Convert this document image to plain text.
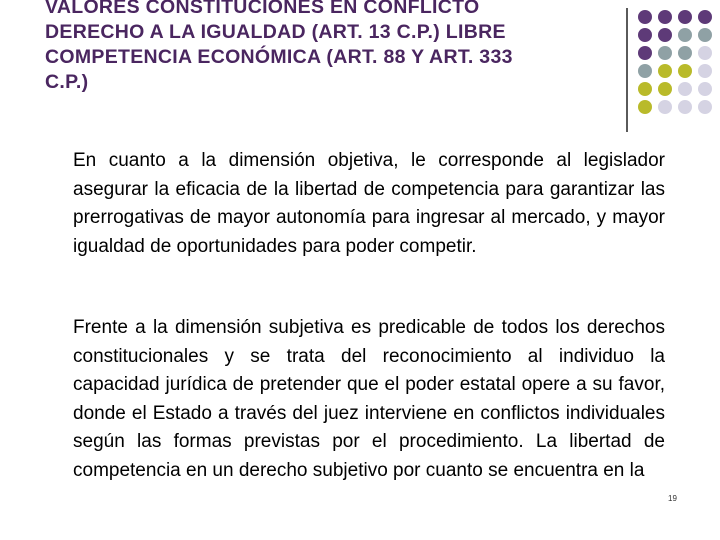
VALORES CONSTITUCIONES EN CONFLICTO
DERECHO A LA IGUALDAD (ART. 13 C.P.) LIBRE
COMPETENCIA ECONÓMICA (ART. 88 Y ART. 333
C.P.)
En cuanto a la dimensión objetiva, le corresponde al legislador asegurar la eficacia de la libertad de competencia para garantizar las prerrogativas de mayor autonomía para ingresar al mercado, y mayor igualdad de oportunidades para poder competir.
Frente a la dimensión subjetiva es predicable de todos los derechos constitucionales y se trata del reconocimiento al individuo la capacidad jurídica de pretender que el poder estatal opere a su favor, donde el Estado a través del juez interviene en conflictos individuales según las formas previstas por el procedimiento. La libertad de competencia en un derecho subjetivo por cuanto se encuentra en la
19
